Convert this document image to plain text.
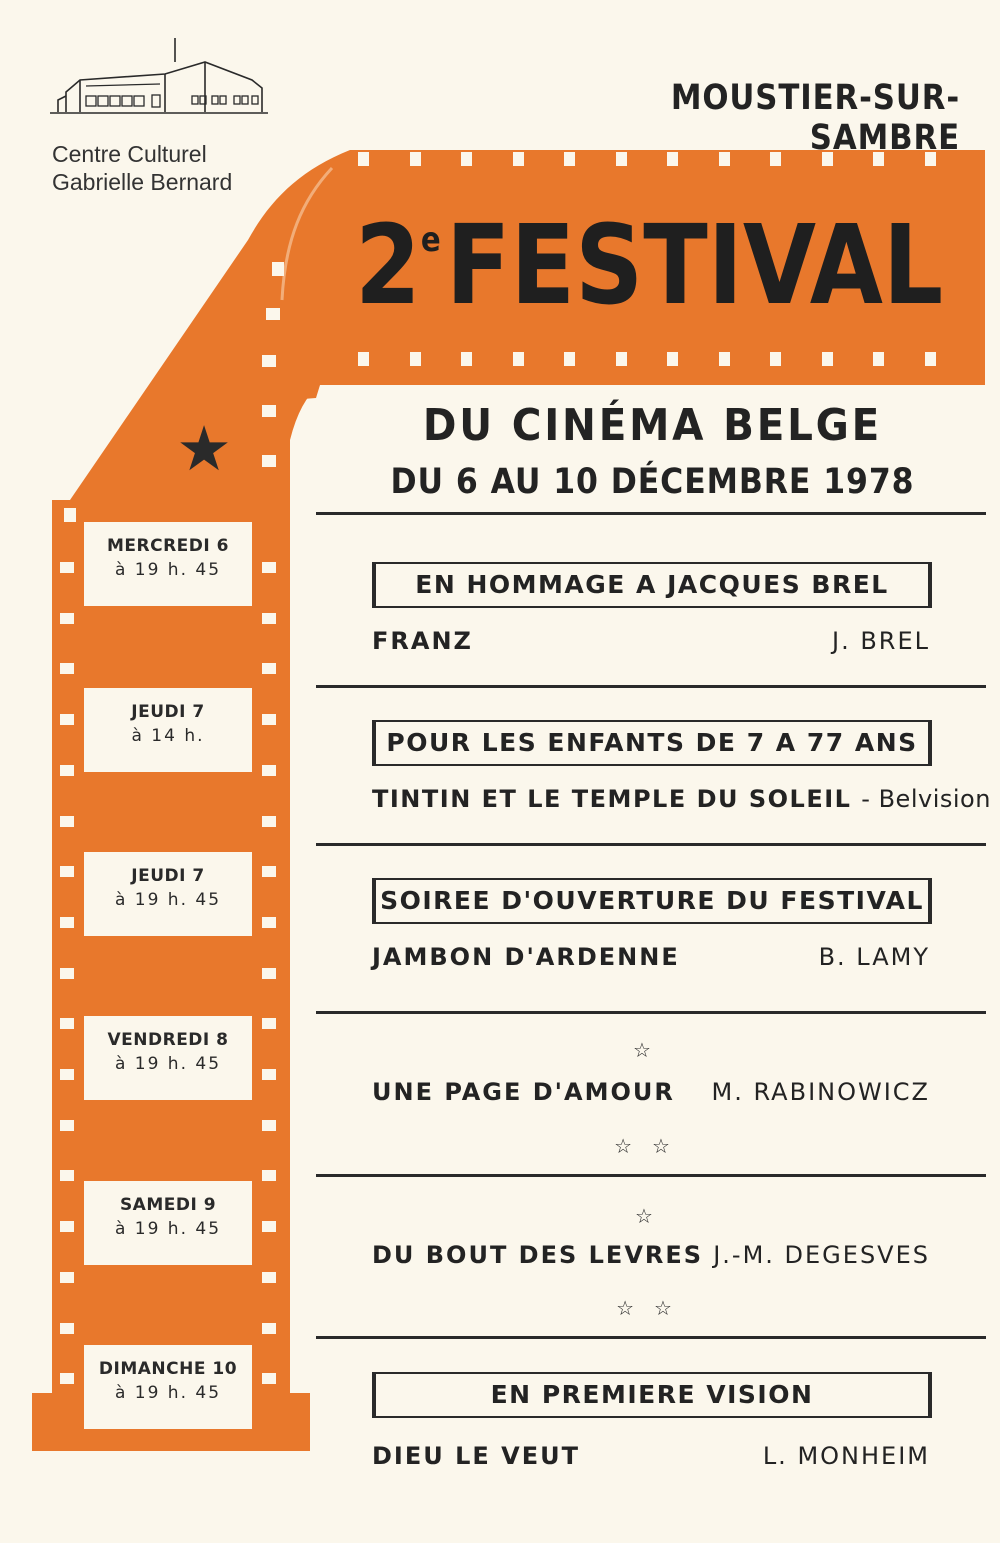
★
Centre Culturel
Gabrielle Bernard
MOUSTIER-SUR-SAMBRE
2eFESTIVAL
DU CINÉMA BELGE
DU 6 AU 10 DÉCEMBRE 1978
EN HOMMAGE A JACQUES BREL
FRANZ	J. BREL
POUR LES ENFANTS DE 7 A 77 ANS
TINTIN ET LE TEMPLE DU SOLEIL - Belvision
SOIREE D'OUVERTURE DU FESTIVAL
JAMBON D'ARDENNE	B. LAMY
☆
UNE PAGE D'AMOUR M. RABINOWICZ
☆☆
☆
DU BOUT DES LEVRES J.-M. DEGESVES
☆☆
EN PREMIERE VISION
DIEU LE VEUT	L. MONHEIM
MERCREDI 6
à 19 h. 45
JEUDI 7
à 14 h.
JEUDI 7
à 19 h. 45
VENDREDI 8
à 19 h. 45
SAMEDI 9
à 19 h. 45
DIMANCHE 10
à 19 h. 45
